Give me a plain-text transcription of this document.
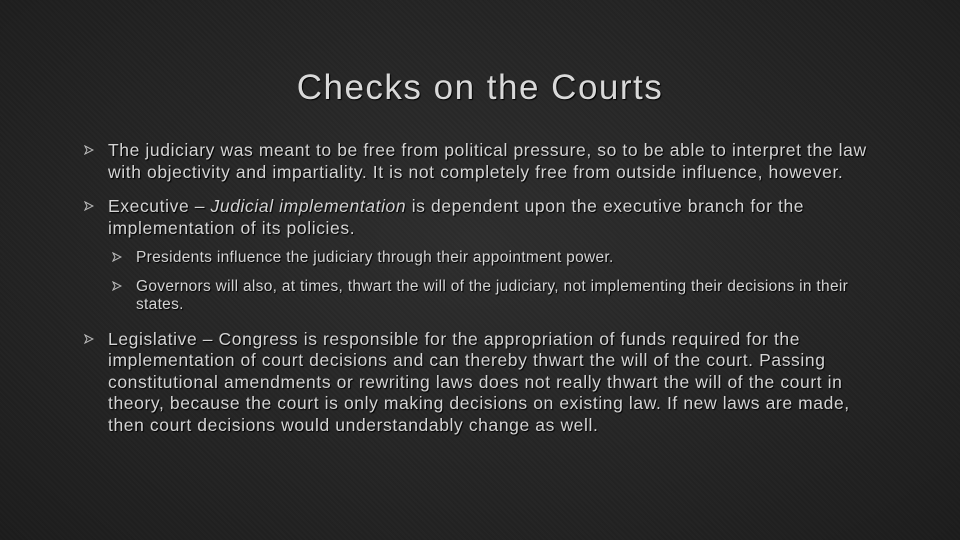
Checks on the Courts
The judiciary was meant to be free from political pressure, so to be able to interpret the law with objectivity and impartiality. It is not completely free from outside influence, however.
Executive – Judicial implementation is dependent upon the executive branch for the implementation of its policies.
Presidents influence the judiciary through their appointment power.
Governors will also, at times, thwart the will of the judiciary, not implementing their decisions in their states.
Legislative – Congress is responsible for the appropriation of funds required for the implementation of court decisions and can thereby thwart the will of the court. Passing constitutional amendments or rewriting laws does not really thwart the will of the court in theory, because the court is only making decisions on existing law. If new laws are made, then court decisions would understandably change as well.
